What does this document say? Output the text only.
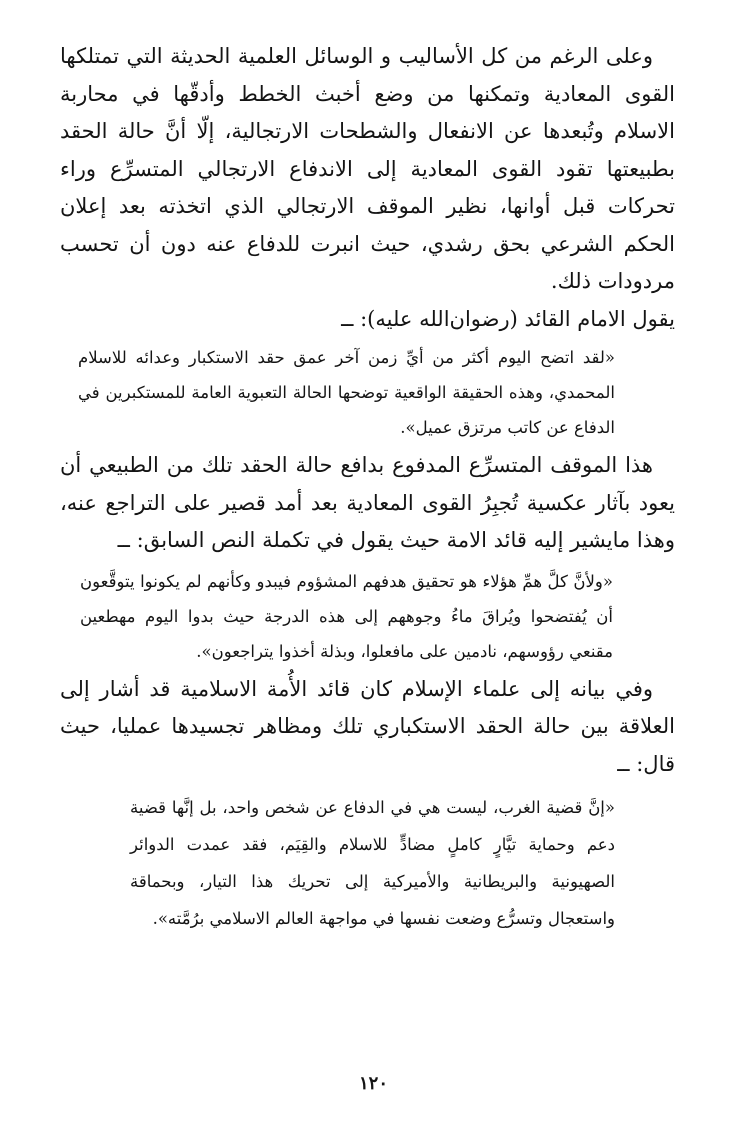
وعلى الرغم من كل الأساليب و الوسائل العلمية الحديثة التي تمتلكها القوى المعادية وتمكنها من وضع أخبث الخطط وأدقّها في محاربة الاسلام وتُبعدها عن الانفعال والشطحات الارتجالية، إلّا أنَّ حالة الحقد بطبيعتها تقود القوى المعادية إلى الاندفاع الارتجالي المتسرِّع وراء تحركات قبل أوانها، نظير الموقف الارتجالي الذي اتخذته بعد إعلان الحكم الشرعي بحق رشدي، حيث انبرت للدفاع عنه دون أن تحسب مردودات ذلك.

يقول الامام القائد (رضوان‌الله عليه): ــ

«لقد اتضح اليوم أكثر من أيِّ زمن آخر عمق حقد الاستكبار وعدائه للاسلام المحمدي، وهذه الحقيقة الواقعية توضحها الحالة التعبوية العامة للمستكبرين في الدفاع عن كاتب مرتزق عميل».

هذا الموقف المتسرِّع المدفوع بدافع حالة الحقد تلك من الطبيعي أن يعود بآثار عكسية تُجبِرُ القوى المعادية بعد أمد قصير على التراجع عنه، وهذا مايشير إليه قائد الامة حيث يقول في تكملة النص السابق: ــ

«ولأنَّ كلَّ همِّ هؤلاء هو تحقيق هدفهم المشؤوم فيبدو وكأنهم لم يكونوا يتوقَّعون أن يُفتضحوا ويُراقَ ماءُ وجوههم إلى هذه الدرجة حيث بدوا اليوم مهطعين مقنعي رؤوسهم، نادمين على مافعلوا، وبذلة أخذوا يتراجعون».

وفي بيانه إلى علماء الإسلام كان قائد الأُمة الاسلامية قد أشار إلى العلاقة بين حالة الحقد الاستكباري تلك ومظاهر تجسيدها عمليا، حيث قال: ــ

«إنَّ قضية الغرب، ليست هي في الدفاع عن شخص واحد، بل إنَّها قضية دعم وحماية تيَّارٍ كاملٍ مضادٍّ للاسلام والقِيَم، فقد عمدت الدوائر الصهيونية والبريطانية والأميركية إلى تحريك هذا التيار، وبحماقة واستعجال وتسرُّع وضعت نفسها في مواجهة العالم الاسلامي برُمَّته».

١٢٠
